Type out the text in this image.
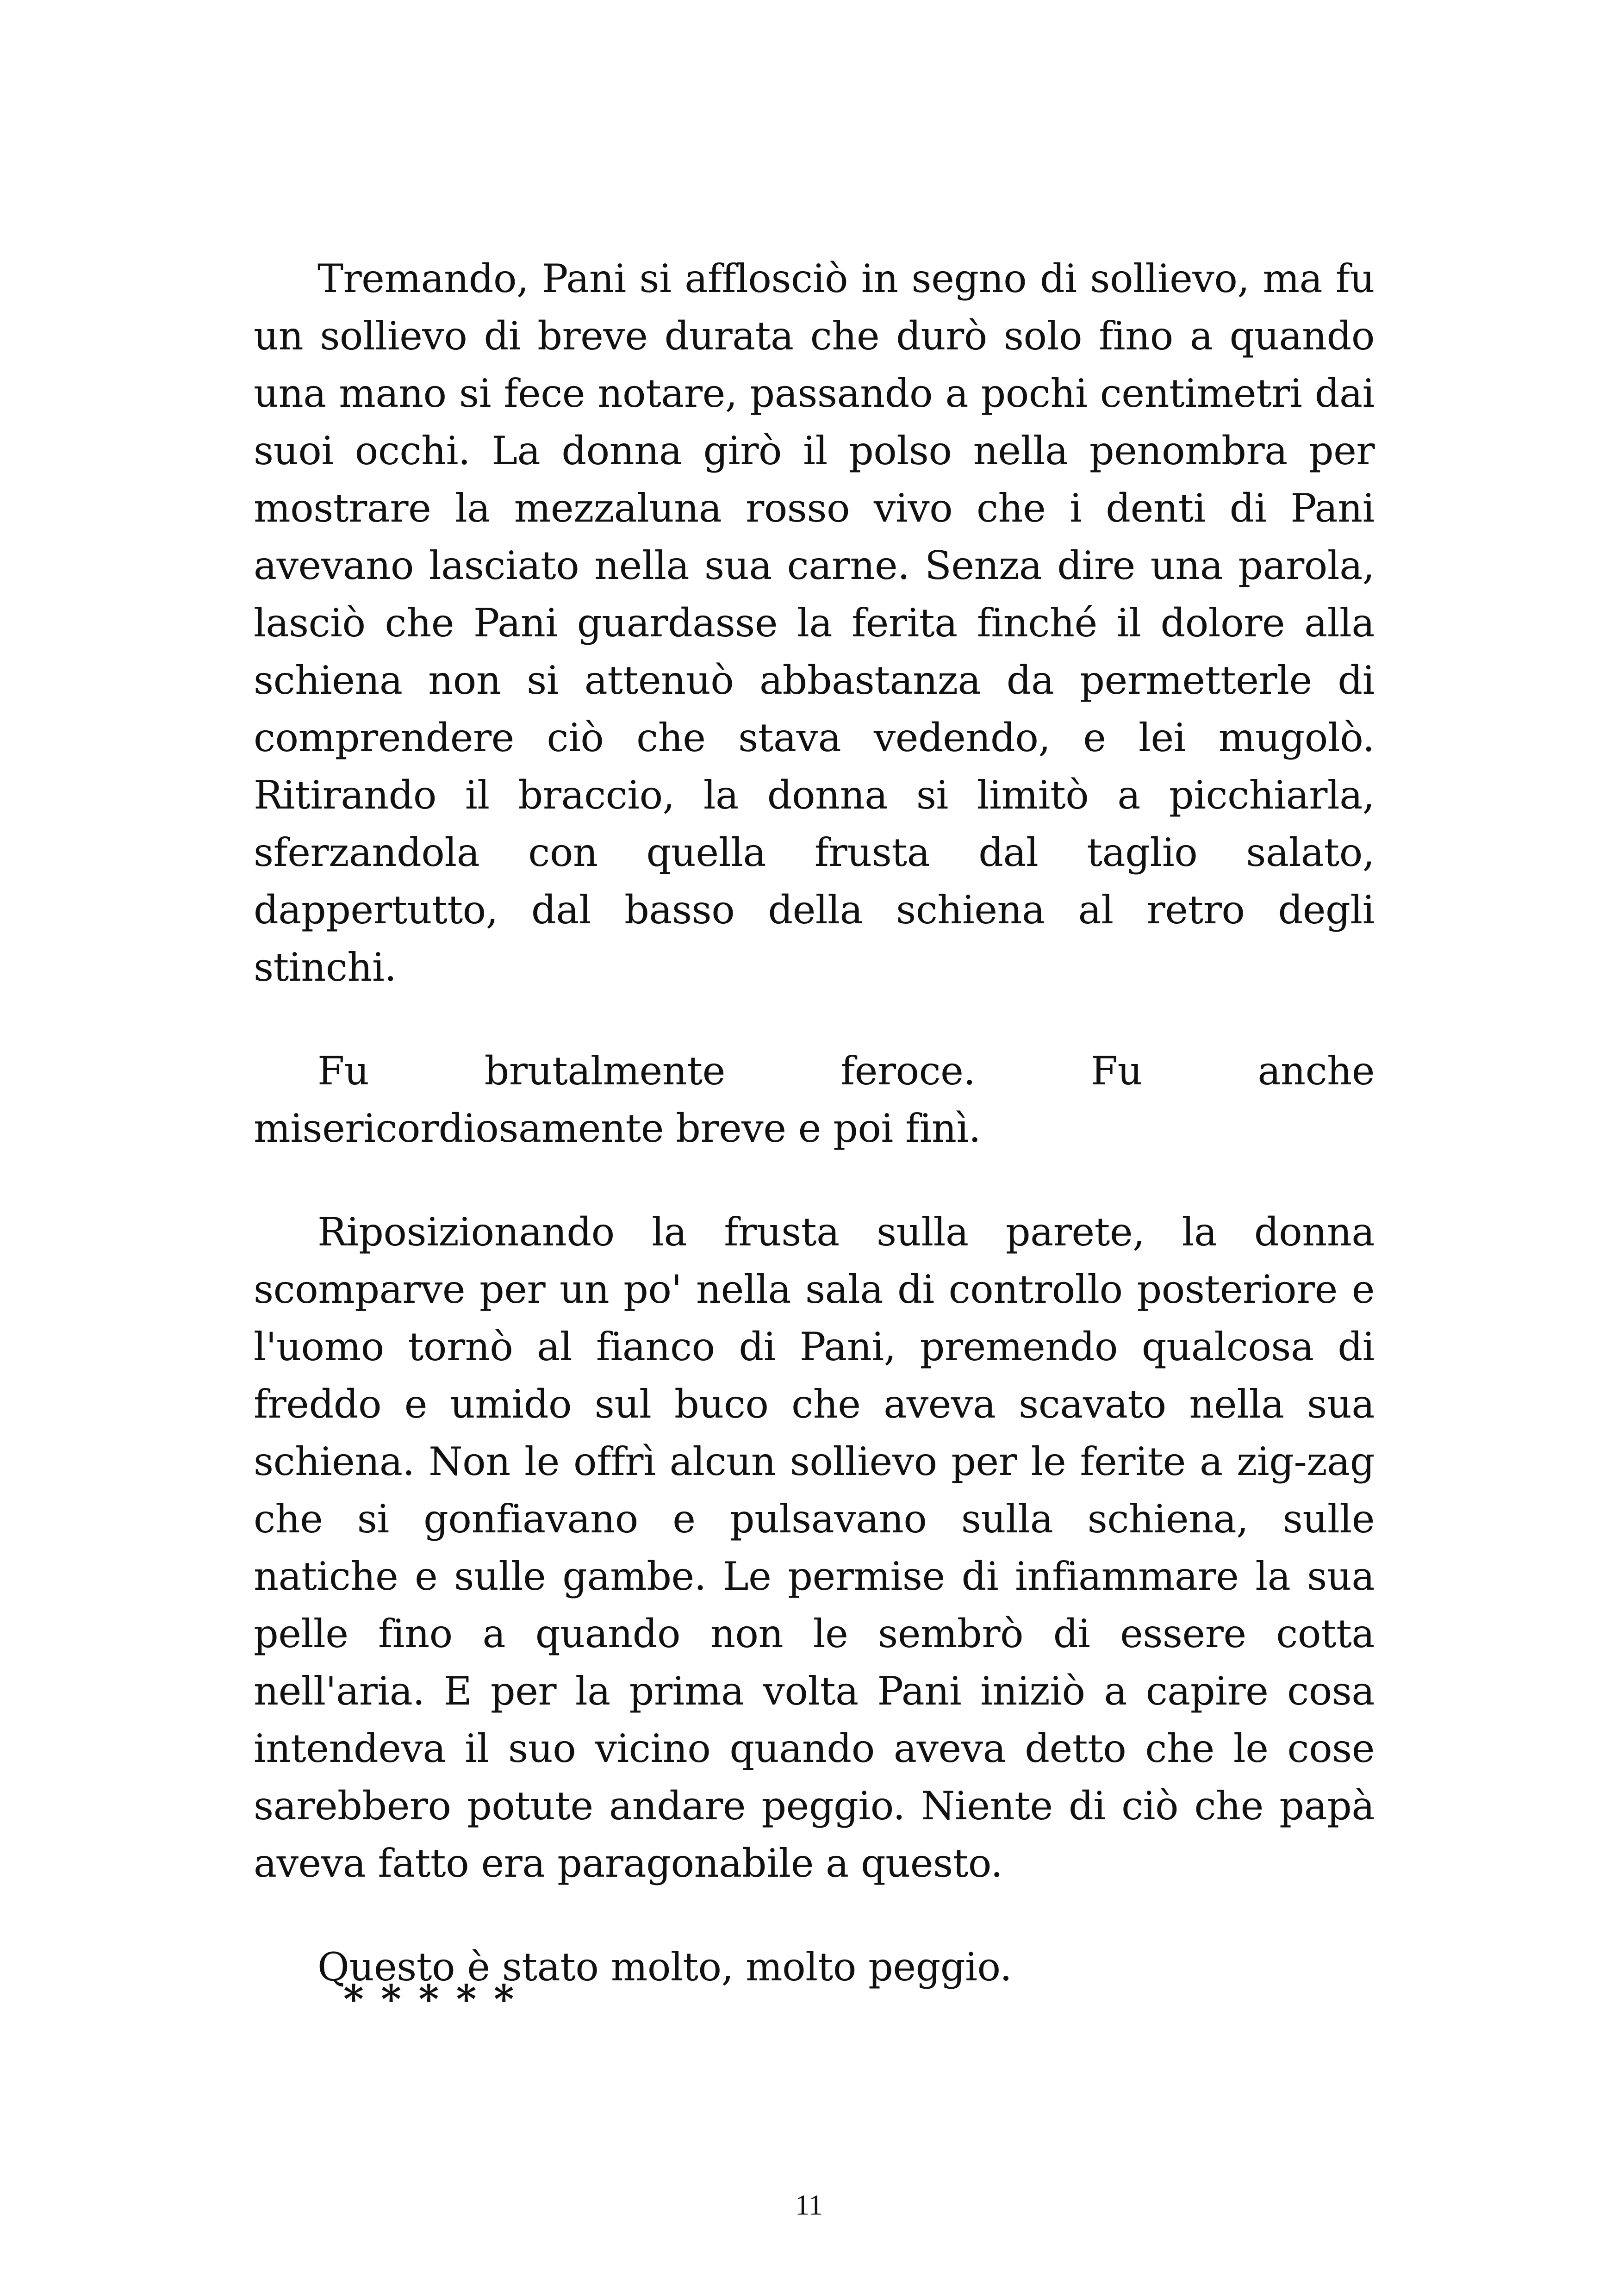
Tremando, Pani si afflosciò in segno di sollievo, ma fu un sollievo di breve durata che durò solo fino a quando una mano si fece notare, passando a pochi centimetri dai suoi occhi. La donna girò il polso nella penombra per mostrare la mezzaluna rosso vivo che i denti di Pani avevano lasciato nella sua carne. Senza dire una parola, lasciò che Pani guardasse la ferita finché il dolore alla schiena non si attenuò abbastanza da permetterle di comprendere ciò che stava vedendo, e lei mugolò. Ritirando il braccio, la donna si limitò a picchiarla, sferzandola con quella frusta dal taglio salato, dappertutto, dal basso della schiena al retro degli stinchi.

Fu brutalmente feroce. Fu anche misericordiosamente breve e poi finì.

Riposizionando la frusta sulla parete, la donna scomparve per un po' nella sala di controllo posteriore e l'uomo tornò al fianco di Pani, premendo qualcosa di freddo e umido sul buco che aveva scavato nella sua schiena. Non le offrì alcun sollievo per le ferite a zig-zag che si gonfiavano e pulsavano sulla schiena, sulle natiche e sulle gambe. Le permise di infiammare la sua pelle fino a quando non le sembrò di essere cotta nell'aria. E per la prima volta Pani iniziò a capire cosa intendeva il suo vicino quando aveva detto che le cose sarebbero potute andare peggio. Niente di ciò che papà aveva fatto era paragonabile a questo.

Questo è stato molto, molto peggio.

* * * * *
11
